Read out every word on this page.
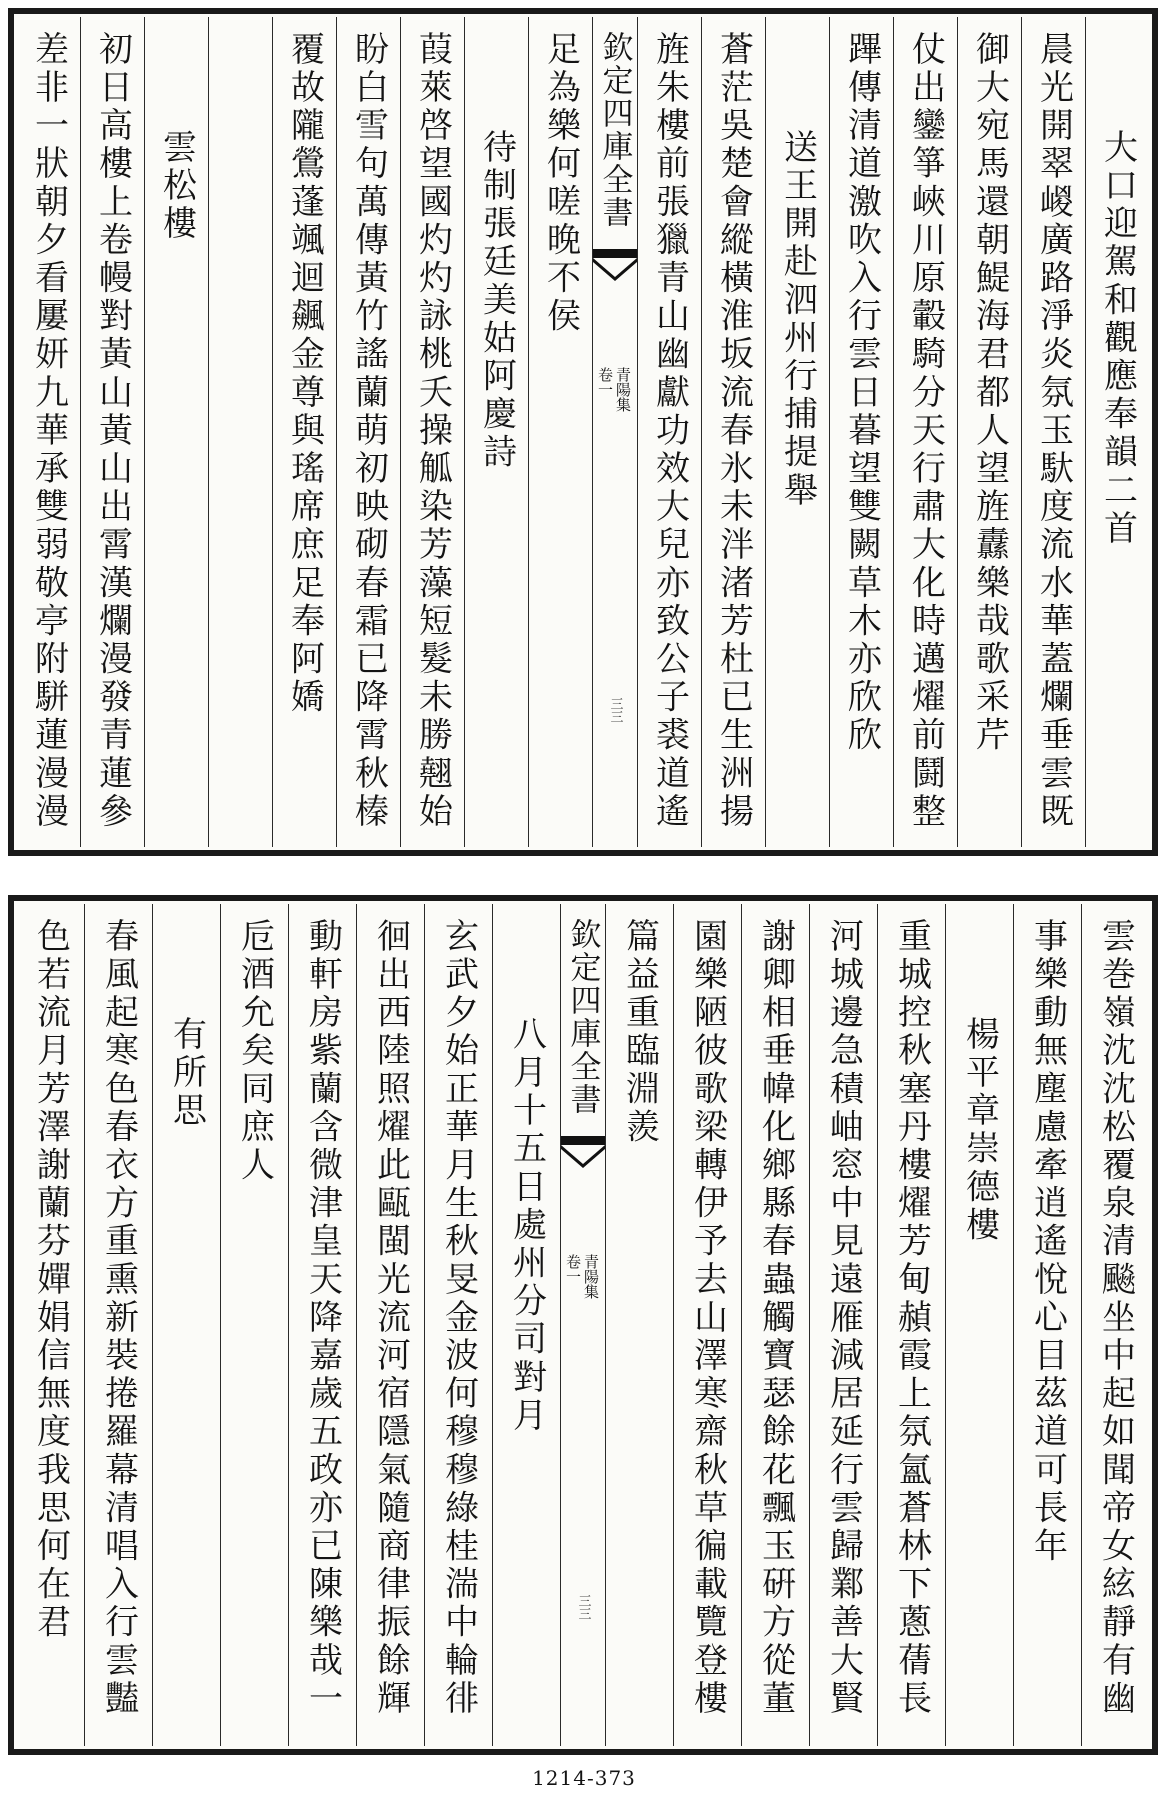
大口迎駕和觀應奉韻二首
晨光開翠嵕廣路淨炎氛玉馱度流水華蓋爛垂雲既
御大宛馬還朝鯷海君都人望旌纛樂哉歌采芹
仗出鑾箏峽川原轂騎分天行肅大化時邁燿前鬪整
蹕傳清道激吹入行雲日暮望雙闕草木亦欣欣
送王開赴泗州行捕提舉
蒼茫吳楚會縱橫淮坂流春氷未泮渚芳杜已生洲揚
旌朱樓前張獵青山幽獻功效大兒亦致公子裘道遙
欽定四庫全書
青陽集
卷一
三三
足為樂何嗟晚不侯
待制張廷美姑阿慶詩
葭萊啓望國灼灼詠桃夭操觚染芳藻短髮未勝翹始
盼白雪句萬傳黃竹謠蘭萌初映砌春霜已降霄秋榛
覆故隴鶯蓬颯迴飆金尊與瑤席庶足奉阿嬌
雲松樓
初日高樓上卷幔對黃山黃山出霄漢爛漫發青蓮參
差非一狀朝夕看屢妍九華承雙弱敬亭附駢蓮漫漫
雲巻嶺沈沈松覆泉清飈坐中起如聞帝女絃靜有幽
事樂動無塵慮牽逍遙悅心目茲道可長年
楊平章崇德樓
重城控秋塞丹樓燿芳甸赬霞上氛氳蒼林下蔥蒨長
河城邊急積岫窓中見遠雁減居延行雲歸鄴善大賢
謝卿相垂幃化鄉縣春蟲觸寶瑟餘花飄玉硏方從董
園樂陋彼歌梁轉伊予去山澤寒齋秋草徧載覽登樓
篇益重臨淵羨
欽定四庫全書
青陽集
卷一
三三
八月十五日處州分司對月
玄武夕始正華月生秋旻金波何穆穆綠桂湍中輪徘
徊出西陸照燿此甌閩光流河宿隱氣隨商律振餘輝
動軒房紫蘭含微津皇天降嘉歲五政亦已陳樂哉一
卮酒允矣同庶人
有所思
春風起寒色春衣方重熏新裝捲羅幕清唱入行雲豔
色若流月芳澤謝蘭芬嬋娟信無度我思何在君
1214-373
